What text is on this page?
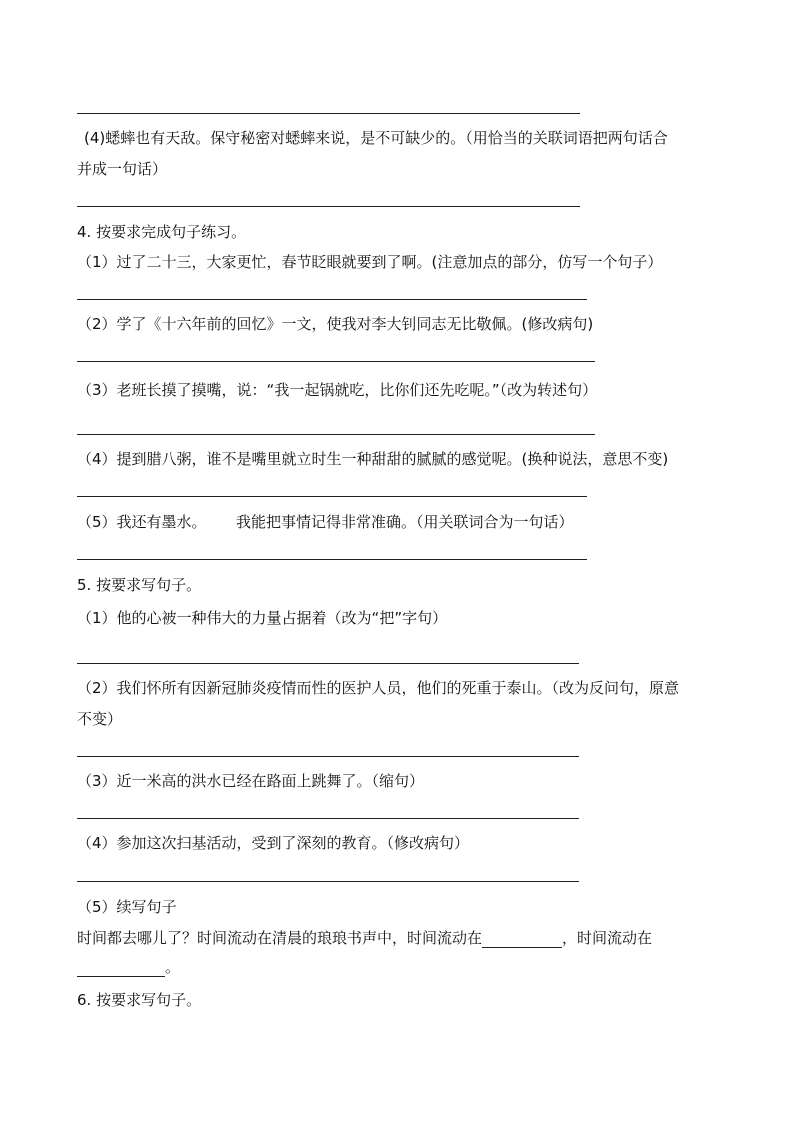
(4)蟋蟀也有天敌。保守秘密对蟋蟀来说，是不可缺少的。（用恰当的关联词语把两句话合
并成一句话）
4. 按要求完成句子练习。
（1）过了二十三，大家更忙，春节眨眼就要到了啊。(注意加点的部分，仿写一个句子）
（2）学了《十六年前的回忆》一文，使我对李大钊同志无比敬佩。(修改病句)
（3）老班长摸了摸嘴，说：“我一起锅就吃，比你们还先吃呢。”（改为转述句）
（4）提到腊八粥，谁不是嘴里就立时生一种甜甜的腻腻的感觉呢。(换种说法，意思不变)
（5）我还有墨水。 我能把事情记得非常准确。（用关联词合为一句话）
5. 按要求写句子。
（1）他的心被一种伟大的力量占据着（改为“把”字句）
（2）我们怀所有因新冠肺炎疫情而性的医护人员，他们的死重于泰山。（改为反问句，原意
不变）
（3）近一米高的洪水已经在路面上跳舞了。（缩句）
（4）参加这次扫基活动，受到了深刻的教育。（修改病句）
（5）续写句子
时间都去哪儿了？时间流动在清晨的琅琅书声中，时间流动在	，时间流动在
。
6. 按要求写句子。
